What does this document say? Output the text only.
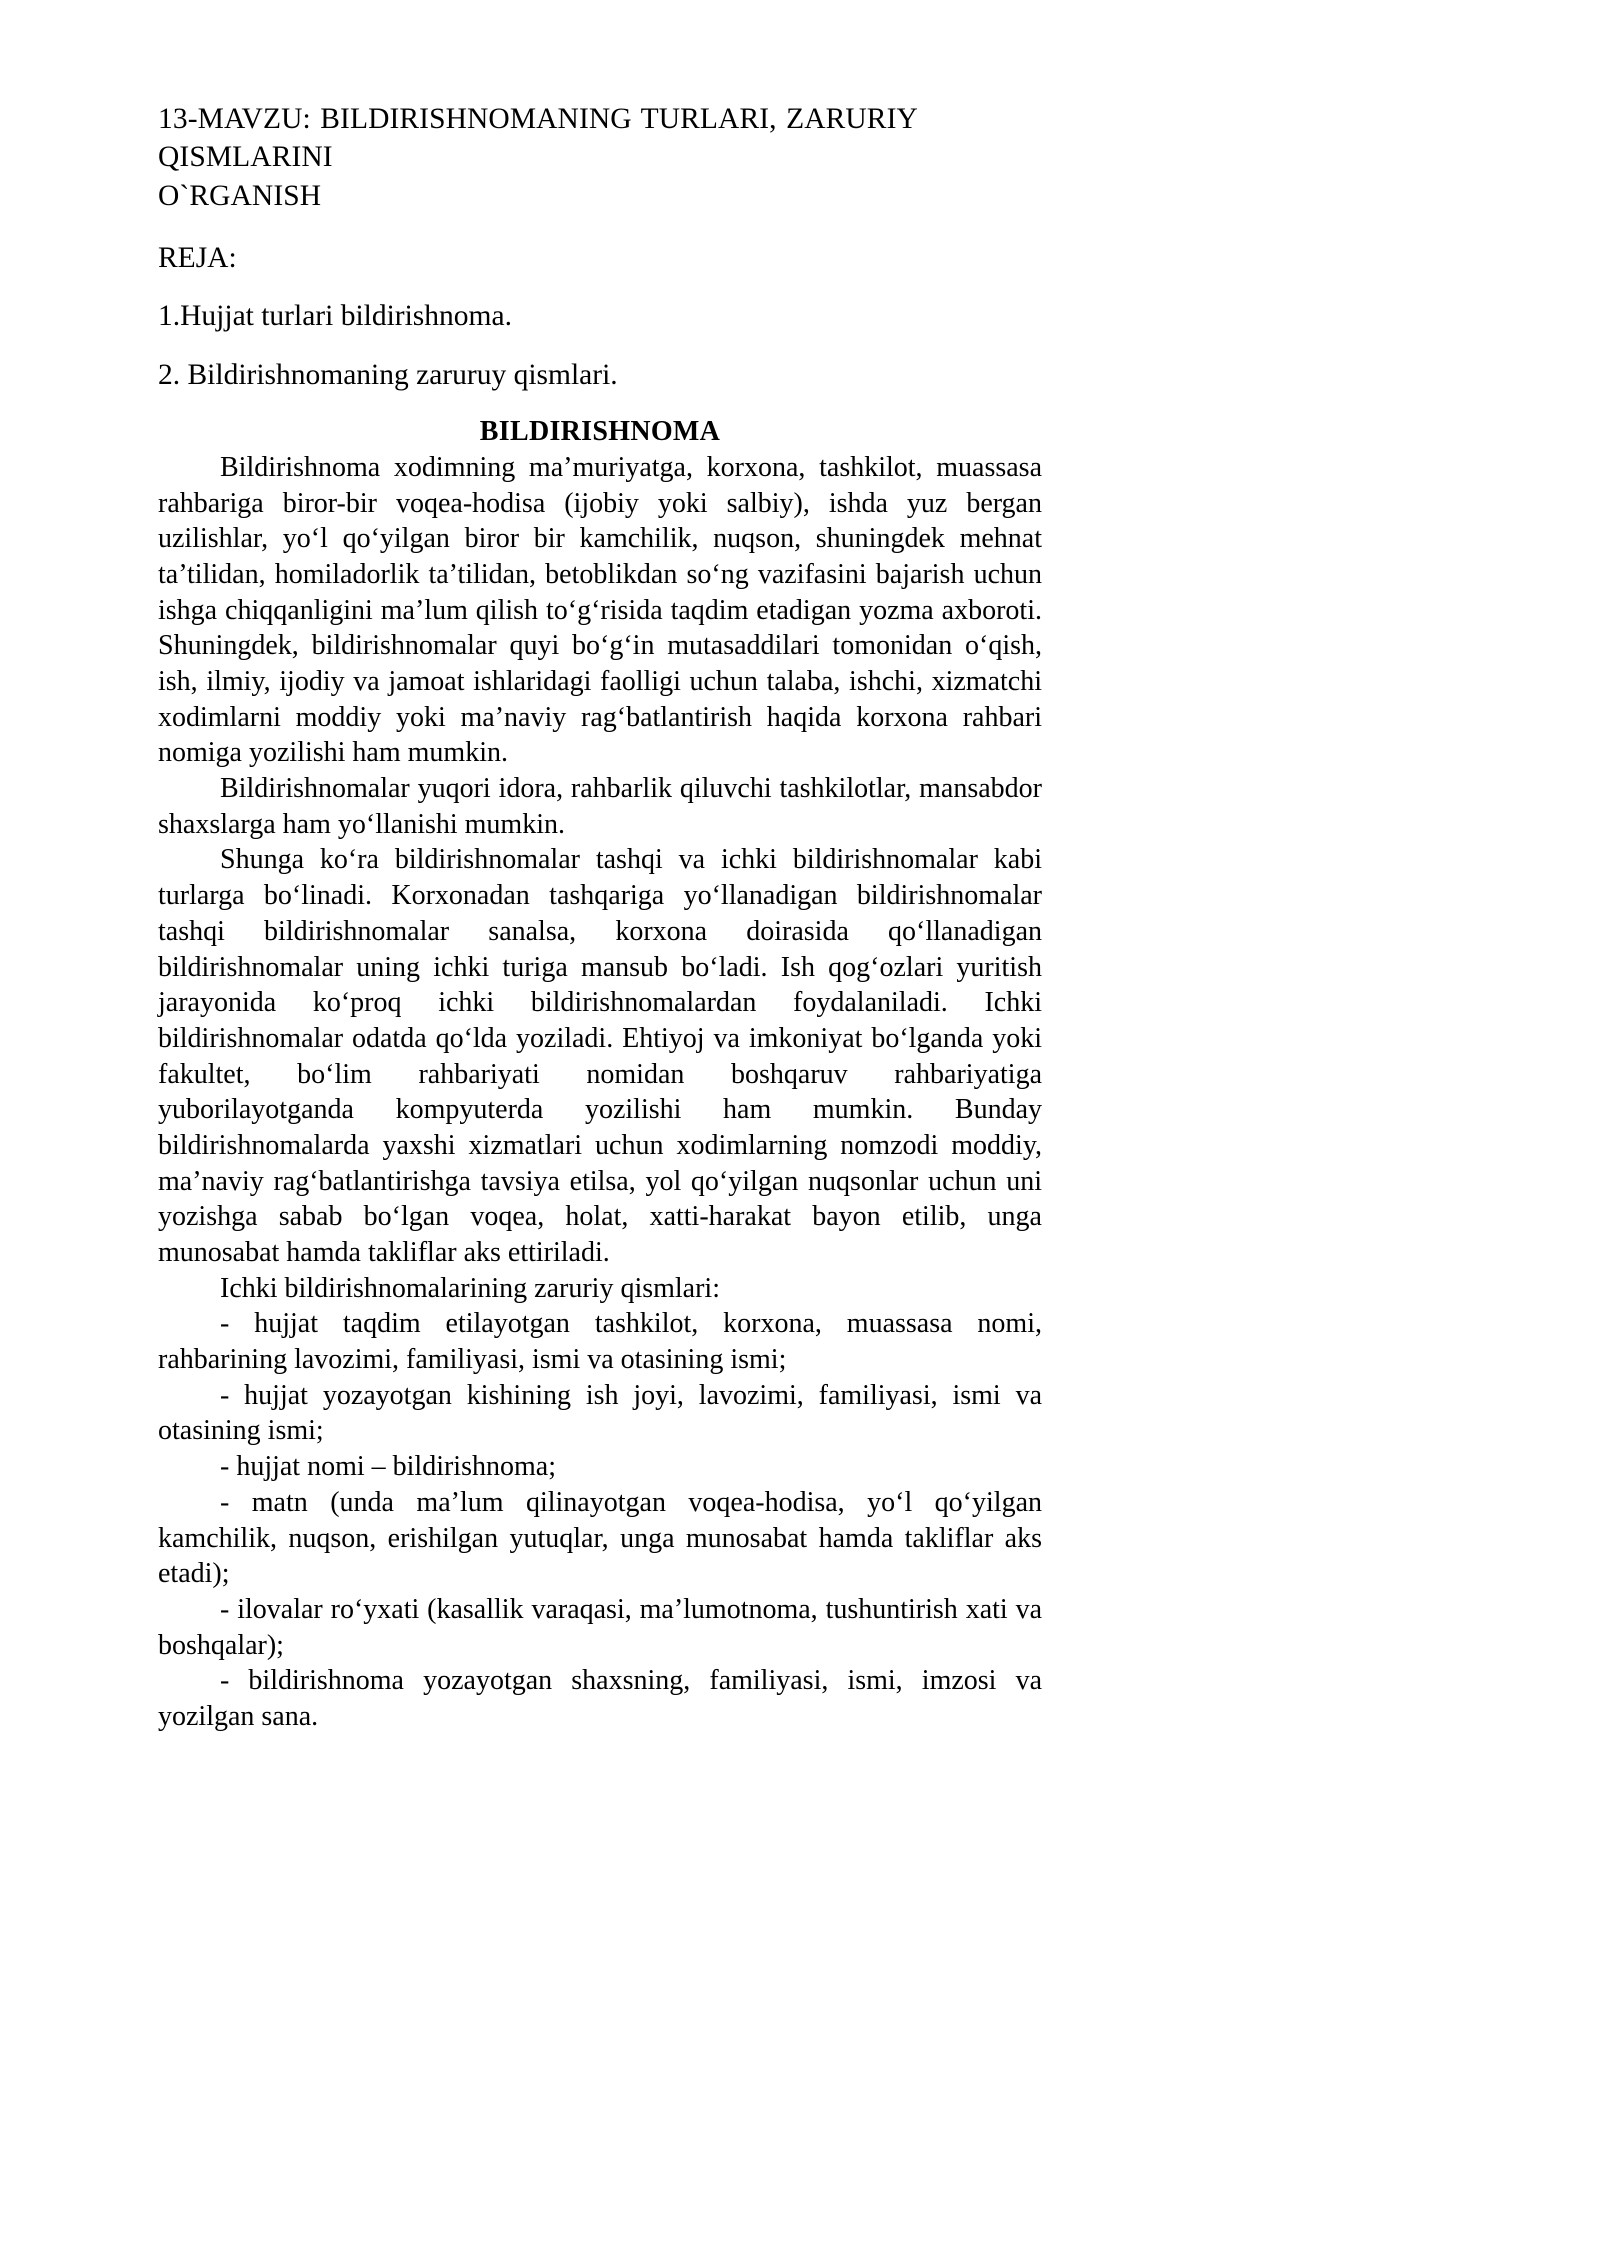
13-MAVZU: BILDIRISHNOMANING TURLARI, ZARURIY QISMLARINI
O`RGANISH
REJA:
1.Hujjat turlari bildirishnoma.
2. Bildirishnomaning zaruruy qismlari.
BILDIRISHNOMA

Bildirishnoma xodimning ma’muriyatga, korxona, tashkilot, muassasa rahbariga biror-bir voqea-hodisa (ijobiy yoki salbiy), ishda yuz bergan uzilishlar, yo‘l qo‘yilgan biror bir kamchilik, nuqson, shuningdek mehnat ta’tilidan, homiladorlik ta’tilidan, betoblikdan so‘ng vazifasini bajarish uchun ishga chiqqanligini ma’lum qilish to‘g‘risida taqdim etadigan yozma axboroti. Shuningdek, bildirishnomalar quyi bo‘g‘in mutasaddilari tomonidan o‘qish, ish, ilmiy, ijodiy va jamoat ishlaridagi faolligi uchun talaba, ishchi, xizmatchi xodimlarni moddiy yoki ma’naviy rag‘batlantirish haqida korxona rahbari nomiga yozilishi ham mumkin.

Bildirishnomalar yuqori idora, rahbarlik qiluvchi tashkilotlar, mansabdor shaxslarga ham yo‘llanishi mumkin.

Shunga ko‘ra bildirishnomalar tashqi va ichki bildirishnomalar kabi turlarga bo‘linadi. Korxonadan tashqariga yo‘llanadigan bildirishnomalar tashqi bildirishnomalar sanalsa, korxona doirasida qo‘llanadigan bildirishnomalar uning ichki turiga mansub bo‘ladi. Ish qog‘ozlari yuritish jarayonida ko‘proq ichki bildirishnomalardan foydalaniladi. Ichki bildirishnomalar odatda qo‘lda yoziladi. Ehtiyoj va imkoniyat bo‘lganda yoki fakultet, bo‘lim rahbariyati nomidan boshqaruv rahbariyatiga yuborilayotganda kompyuterda yozilishi ham mumkin. Bunday bildirishnomalarda yaxshi xizmatlari uchun xodimlarning nomzodi moddiy, ma’naviy rag‘batlantirishga tavsiya etilsa, yol qo‘yilgan nuqsonlar uchun uni yozishga sabab bo‘lgan voqea, holat, xatti-harakat bayon etilib, unga munosabat hamda takliflar aks ettiriladi.

Ichki bildirishnomalarining zaruriy qismlari:

- hujjat taqdim etilayotgan tashkilot, korxona, muassasa nomi, rahbarining lavozimi, familiyasi, ismi va otasining ismi;

- hujjat yozayotgan kishining ish joyi, lavozimi, familiyasi, ismi va otasining ismi;

- hujjat nomi – bildirishnoma;

- matn (unda ma’lum qilinayotgan voqea-hodisa, yo‘l qo‘yilgan kamchilik, nuqson, erishilgan yutuqlar, unga munosabat hamda takliflar aks etadi);

- ilovalar ro‘yxati (kasallik varaqasi, ma’lumotnoma, tushuntirish xati va boshqalar);

- bildirishnoma yozayotgan shaxsning, familiyasi, ismi, imzosi va yozilgan sana.
